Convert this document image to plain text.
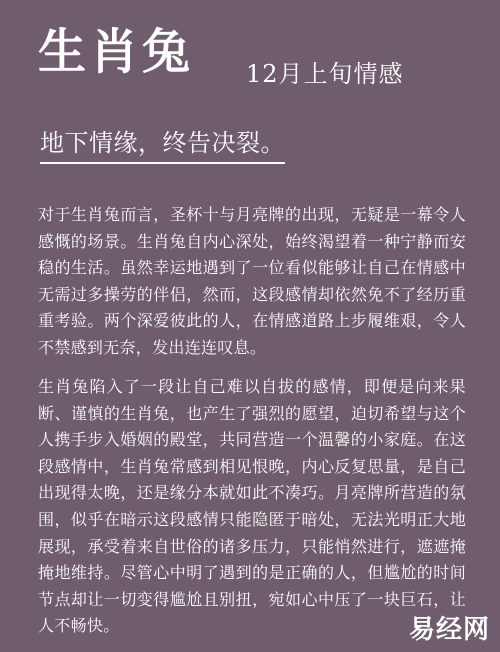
生肖兔 12月上旬情感
地下情缘，终告决裂。

对于生肖兔而言，圣杯十与月亮牌的出现，无疑是一幕令人感慨的场景。生肖兔自内心深处，始终渴望着一种宁静而安稳的生活。虽然幸运地遇到了一位看似能够让自己在情感中无需过多操劳的伴侣，然而，这段感情却依然免不了经历重重考验。两个深爱彼此的人，在情感道路上步履维艰，令人不禁感到无奈，发出连连叹息。

生肖兔陷入了一段让自己难以自拔的感情，即便是向来果断、谨慎的生肖兔，也产生了强烈的愿望，迫切希望与这个人携手步入婚姻的殿堂，共同营造一个温馨的小家庭。在这段感情中，生肖兔常感到相见恨晚，内心反复思量，是自己出现得太晚，还是缘分本就如此不凑巧。月亮牌所营造的氛围，似乎在暗示这段感情只能隐匿于暗处，无法光明正大地展现，承受着来自世俗的诸多压力，只能悄然进行，遮遮掩掩地维持。尽管心中明了遇到的是正确的人，但尴尬的时间节点却让一切变得尴尬且别扭，宛如心中压了一块巨石，让人不畅快。	易经网
